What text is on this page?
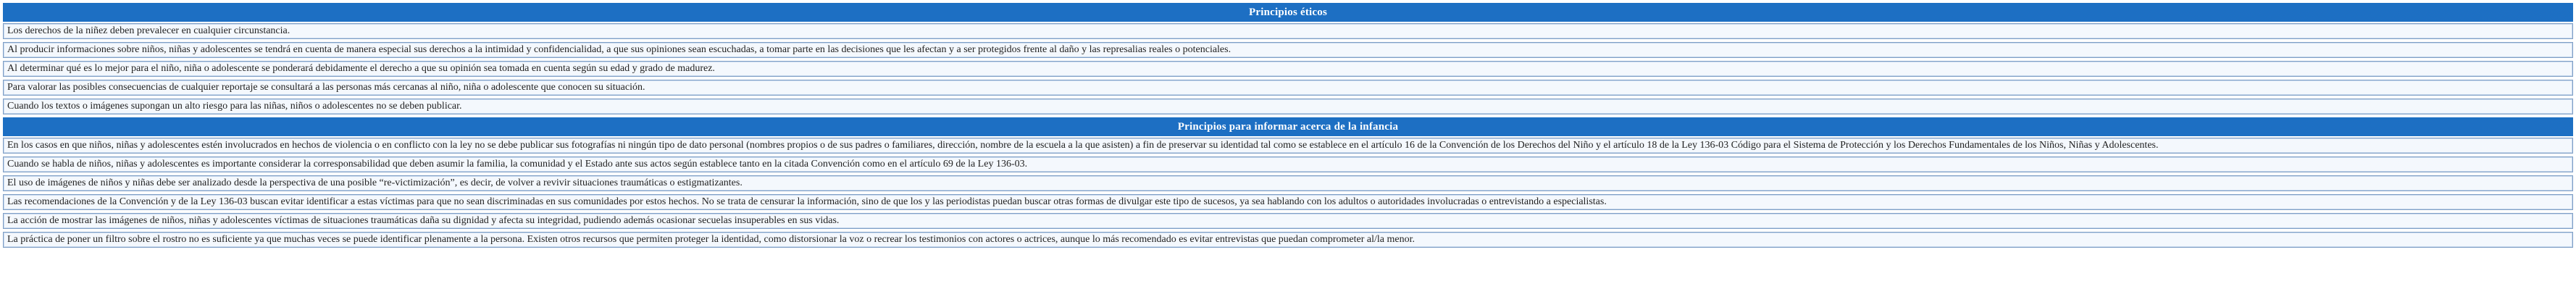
Principios éticos
Los derechos de la niñez deben prevalecer en cualquier circunstancia.
Al producir informaciones sobre niños, niñas y adolescentes se tendrá en cuenta de manera especial sus derechos a la intimidad y confidencialidad, a que sus opiniones sean escuchadas, a tomar parte en las decisiones que les afectan y a ser protegidos frente al daño y las represalias reales o potenciales.
Al determinar qué es lo mejor para el niño, niña o adolescente se ponderará debidamente el derecho a que su opinión sea tomada en cuenta según su edad y grado de madurez.
Para valorar las posibles consecuencias de cualquier reportaje se consultará a las personas más cercanas al niño, niña o adolescente que conocen su situación.
Cuando los textos o imágenes supongan un alto riesgo para las niñas, niños o adolescentes no se deben publicar.
Principios para informar acerca de la infancia
En los casos en que niños, niñas y adolescentes estén involucrados en hechos de violencia o en conflicto con la ley no se debe publicar sus fotografías ni ningún tipo de dato personal (nombres propios o de sus padres o familiares, dirección, nombre de la escuela a la que asisten) a fin de preservar su identidad tal como se establece en el artículo 16 de la Convención de los Derechos del Niño y el artículo 18 de la Ley 136-03 Código para el Sistema de Protección y los Derechos Fundamentales de los Niños, Niñas y Adolescentes.
Cuando se habla de niños, niñas y adolescentes es importante considerar la corresponsabilidad que deben asumir la familia, la comunidad y el Estado ante sus actos según establece tanto en la citada Convención como en el artículo 69 de la Ley 136-03.
El uso de imágenes de niños y niñas debe ser analizado desde la perspectiva de una posible “re-victimización”, es decir, de volver a revivir situaciones traumáticas o estigmatizantes.
Las recomendaciones de la Convención y de la Ley 136-03 buscan evitar identificar a estas víctimas para que no sean discriminadas en sus comunidades por estos hechos. No se trata de censurar la información, sino de que los y las periodistas puedan buscar otras formas de divulgar este tipo de sucesos, ya sea hablando con los adultos o autoridades involucradas o entrevistando a especialistas.
La acción de mostrar las imágenes de niños, niñas y adolescentes víctimas de situaciones traumáticas daña su dignidad y afecta su integridad, pudiendo además ocasionar secuelas insuperables en sus vidas.
La práctica de poner un filtro sobre el rostro no es suficiente ya que muchas veces se puede identificar plenamente a la persona. Existen otros recursos que permiten proteger la identidad, como distorsionar la voz o recrear los testimonios con actores o actrices, aunque lo más recomendado es evitar entrevistas que puedan comprometer al/la menor.
